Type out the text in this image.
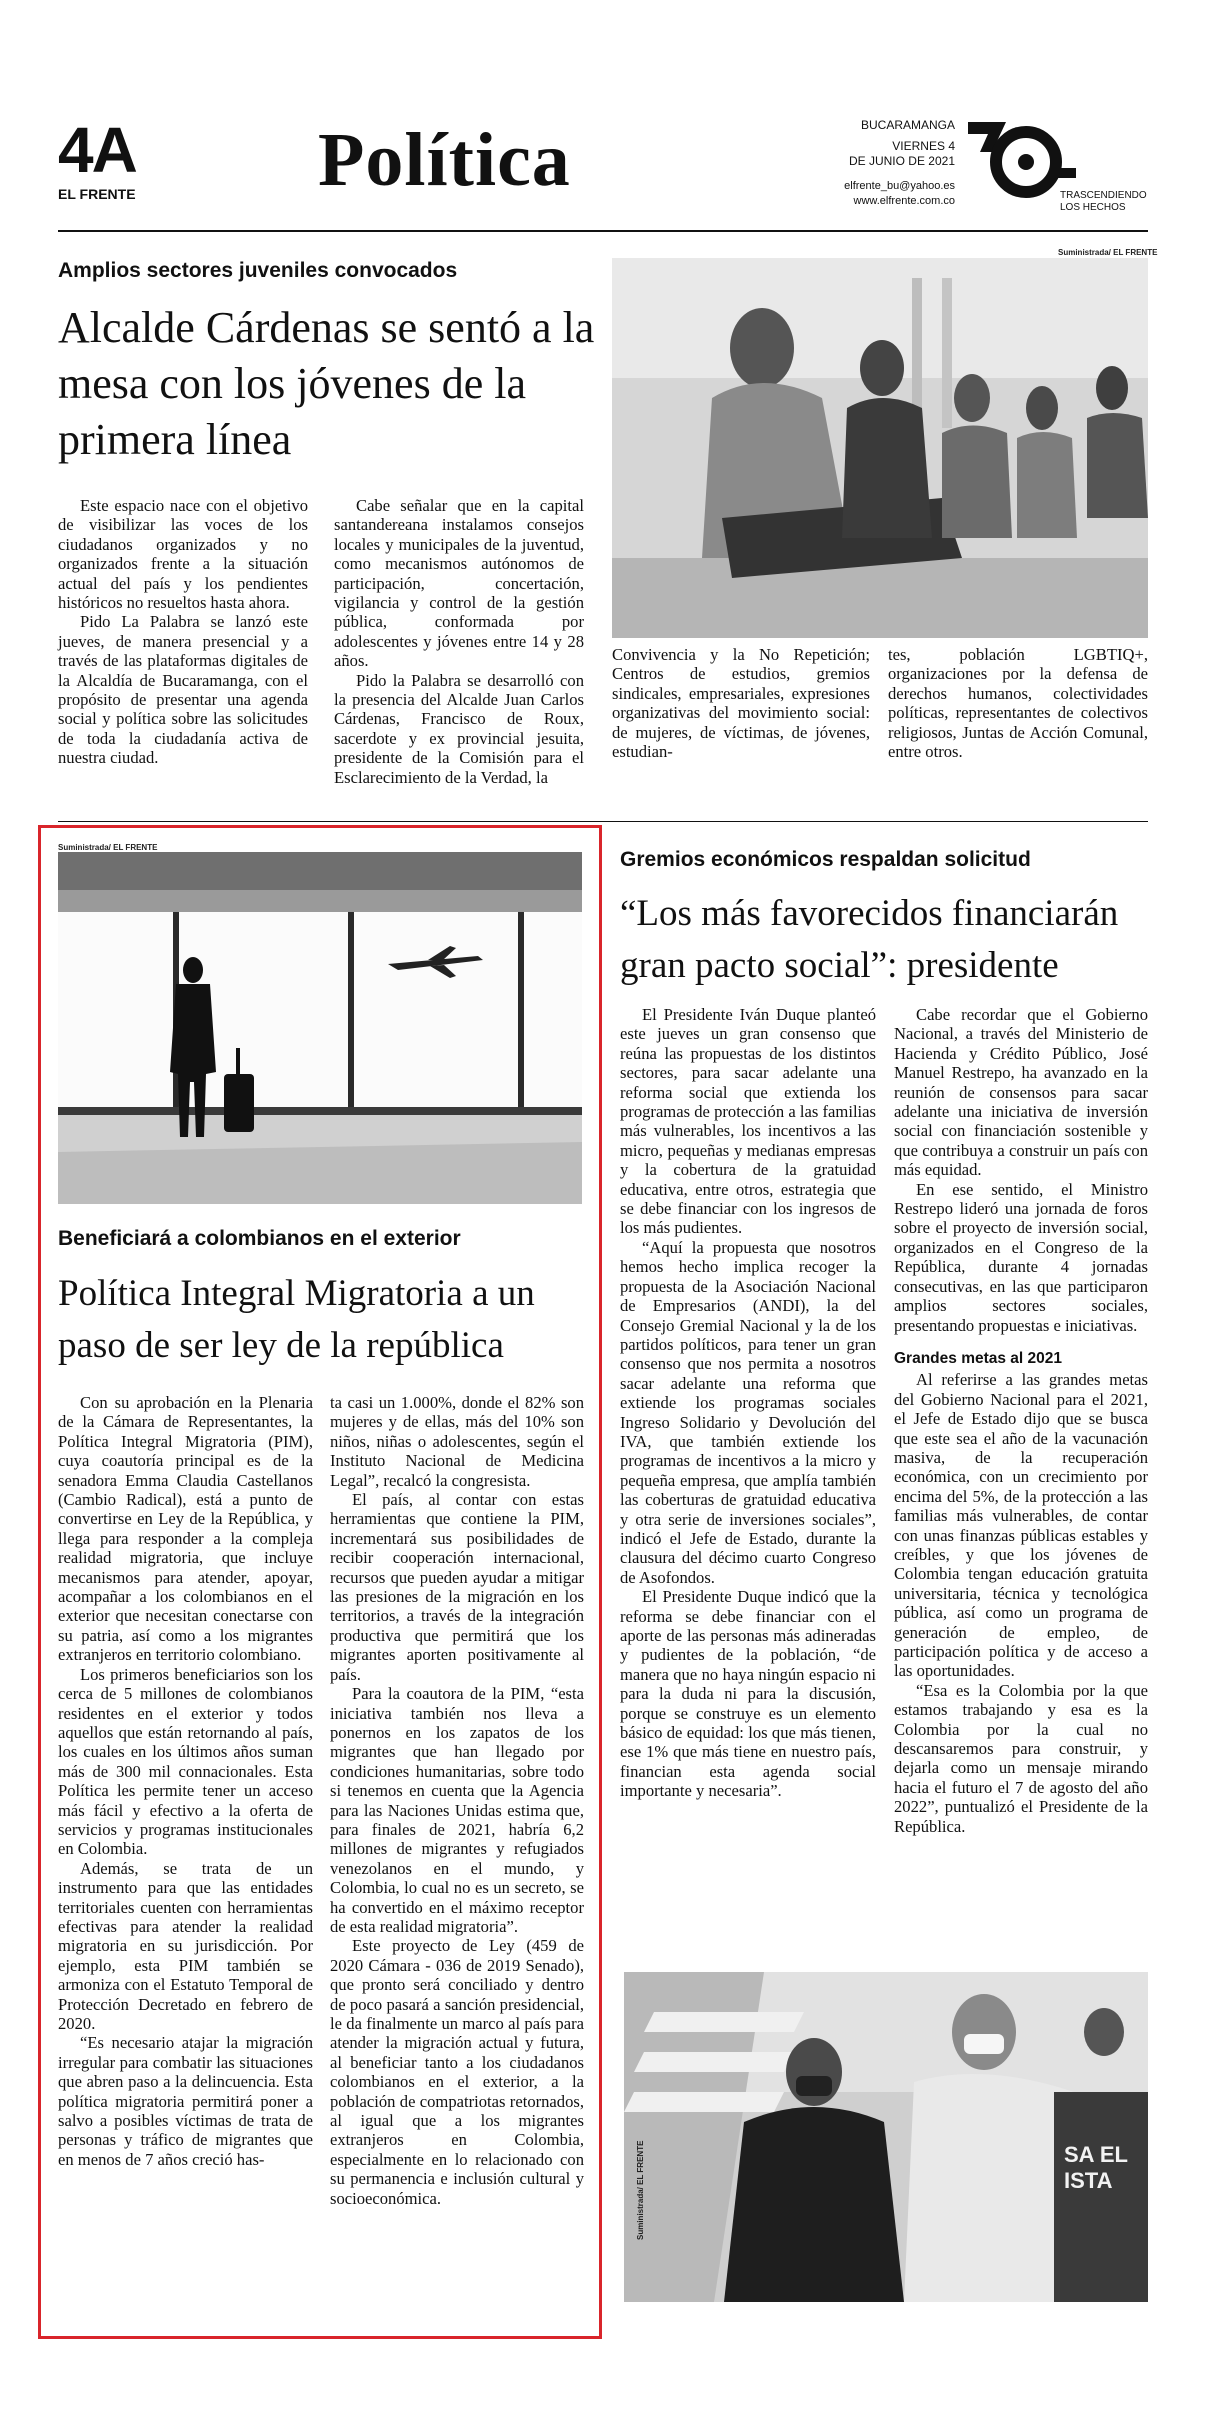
4A
EL FRENTE Política	BUCARAMANGA
VIERNES 4
DE JUNIO DE 2021
elfrente_bu@yahoo.es
www.elfrente.com.co	TRASCENDIENDO
LOS HECHOS
Amplios sectores juveniles convocados
Alcalde Cárdenas se sentó a la mesa con los jóvenes de la primera línea
Suministrada/ EL FRENTE

Este espacio nace con el objetivo de visibilizar las voces de los ciudadanos organizados y no organizados frente a la situación actual del país y los pendientes históricos no resueltos hasta ahora.

Pido La Palabra se lanzó este jueves, de manera presencial y a través de las plataformas digitales de la Alcaldía de Bucaramanga, con el propósito de presentar una agenda social y política sobre las solicitudes de toda la ciudadanía activa de nuestra ciudad.

Cabe señalar que en la capital santandereana instalamos consejos locales y municipales de la juventud, como mecanismos autónomos de participación, concertación, vigilancia y control de la gestión pública, conformada por adolescentes y jóvenes entre 14 y 28 años.

Pido la Palabra se desarrolló con la presencia del Alcalde Juan Carlos Cárdenas, Francisco de Roux, sacerdote y ex provincial jesuita, presidente de la Comisión para el Esclarecimiento de la Verdad, la

Convivencia y la No Repetición; Centros de estudios, gremios sindicales, empresariales, expresiones organizativas del movimiento social: de mujeres, de víctimas, de jóvenes, estudian-

tes, población LGBTIQ+, organizaciones por la defensa de derechos humanos, colectividades políticas, representantes de colectivos religiosos, Juntas de Acción Comunal, entre otros.

Suministrada/ EL FRENTE
Beneficiará a colombianos en el exterior
Política Integral Migratoria a un paso de ser ley de la república

Con su aprobación en la Plenaria de la Cámara de Representantes, la Política Integral Migratoria (PIM), cuya coautoría principal es de la senadora Emma Claudia Castellanos (Cambio Radical), está a punto de convertirse en Ley de la República, y llega para responder a la compleja realidad migratoria, que incluye mecanismos para atender, apoyar, acompañar a los colombianos en el exterior que necesitan conectarse con su patria, así como a los migrantes extranjeros en territorio colombiano.

Los primeros beneficiarios son los cerca de 5 millones de colombianos residentes en el exterior y todos aquellos que están retornando al país, los cuales en los últimos años suman más de 300 mil connacionales. Esta Política les permite tener un acceso más fácil y efectivo a la oferta de servicios y programas institucionales en Colombia.

Además, se trata de un instrumento para que las entidades territoriales cuenten con herramientas efectivas para atender la realidad migratoria en su jurisdicción. Por ejemplo, esta PIM también se armoniza con el Estatuto Temporal de Protección Decretado en febrero de 2020.

“Es necesario atajar la migración irregular para combatir las situaciones que abren paso a la delincuencia. Esta política migratoria permitirá poner a salvo a posibles víctimas de trata de personas y tráfico de migrantes que en menos de 7 años creció has-

ta casi un 1.000%, donde el 82% son mujeres y de ellas, más del 10% son niños, niñas o adolescentes, según el Instituto Nacional de Medicina Legal”, recalcó la congresista.

El país, al contar con estas herramientas que contiene la PIM, incrementará sus posibilidades de recibir cooperación internacional, recursos que pueden ayudar a mitigar las presiones de la migración en los territorios, a través de la integración productiva que permitirá que los migrantes aporten positivamente al país.

Para la coautora de la PIM, “esta iniciativa también nos lleva a ponernos en los zapatos de los migrantes que han llegado por condiciones humanitarias, sobre todo si tenemos en cuenta que la Agencia para las Naciones Unidas estima que, para finales de 2021, habría 6,2 millones de migrantes y refugiados venezolanos en el mundo, y Colombia, lo cual no es un secreto, se ha convertido en el máximo receptor de esta realidad migratoria”.

Este proyecto de Ley (459 de 2020 Cámara - 036 de 2019 Senado), que pronto será conciliado y dentro de poco pasará a sanción presidencial, le da finalmente un marco al país para atender la migración actual y futura, al beneficiar tanto a los ciudadanos colombianos en el exterior, a la población de compatriotas retornados, al igual que a los migrantes extranjeros en Colombia, especialmente en lo relacionado con su permanencia e inclusión cultural y socioeconómica.

Gremios económicos respaldan solicitud
“Los más favorecidos financiarán gran pacto social”: presidente

El Presidente Iván Duque planteó este jueves un gran consenso que reúna las propuestas de los distintos sectores, para sacar adelante una reforma social que extienda los programas de protección a las familias más vulnerables, los incentivos a las micro, pequeñas y medianas empresas y la cobertura de la gratuidad educativa, entre otros, estrategia que se debe financiar con los ingresos de los más pudientes.

“Aquí la propuesta que nosotros hemos hecho implica recoger la propuesta de la Asociación Nacional de Empresarios (ANDI), la del Consejo Gremial Nacional y la de los partidos políticos, para tener un gran consenso que nos permita a nosotros sacar adelante una reforma que extiende los programas sociales Ingreso Solidario y Devolución del IVA, que también extiende los programas de incentivos a la micro y pequeña empresa, que amplía también las coberturas de gratuidad educativa y otra serie de inversiones sociales”, indicó el Jefe de Estado, durante la clausura del décimo cuarto Congreso de Asofondos.

El Presidente Duque indicó que la reforma se debe financiar con el aporte de las personas más adineradas y pudientes de la población, “de manera que no haya ningún espacio ni para la duda ni para la discusión, porque se construye es un elemento básico de equidad: los que más tienen, ese 1% que más tiene en nuestro país, financian esta agenda social importante y necesaria”.

Cabe recordar que el Gobierno Nacional, a través del Ministerio de Hacienda y Crédito Público, José Manuel Restrepo, ha avanzado en la reunión de consensos para sacar adelante una iniciativa de inversión social con financiación sostenible y que contribuya a construir un país con más equidad.

En ese sentido, el Ministro Restrepo lideró una jornada de foros sobre el proyecto de inversión social, organizados en el Congreso de la República, durante 4 jornadas consecutivas, en las que participaron amplios sectores sociales, presentando propuestas e iniciativas.

Grandes metas al 2021

Al referirse a las grandes metas del Gobierno Nacional para el 2021, el Jefe de Estado dijo que se busca que este sea el año de la vacunación masiva, de la recuperación económica, con un crecimiento por encima del 5%, de la protección a las familias más vulnerables, de contar con unas finanzas públicas estables y creíbles, y que los jóvenes de Colombia tengan educación gratuita universitaria, técnica y tecnológica pública, así como un programa de generación de empleo, de participación política y de acceso a las oportunidades.

“Esa es la Colombia por la que estamos trabajando y esa es la Colombia por la cual no descansaremos para construir, y dejarla como un mensaje mirando hacia el futuro el 7 de agosto del año 2022”, puntualizó el Presidente de la República.

SA EL ISTA
Suministrada/ EL FRENTE
